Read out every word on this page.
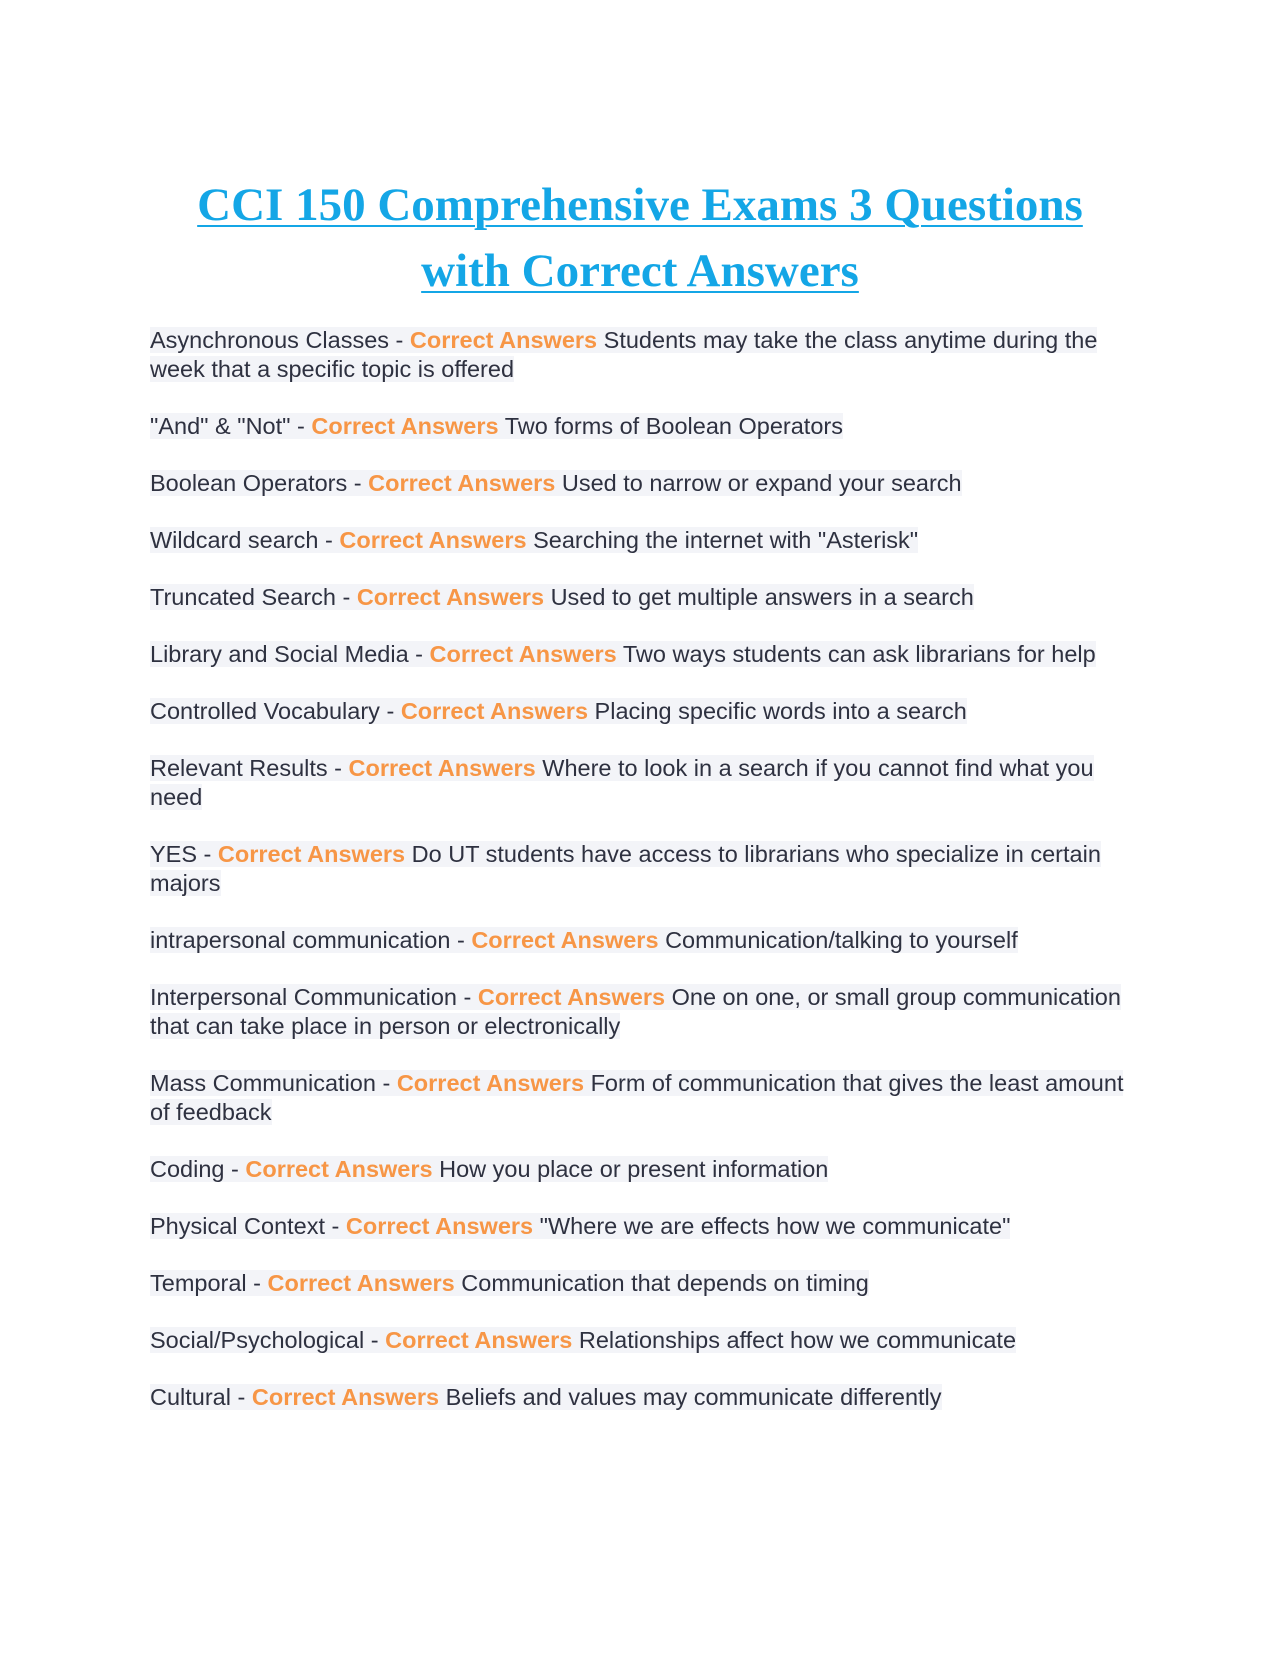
CCI 150 Comprehensive Exams 3 Questions with Correct Answers
Asynchronous Classes - Correct Answers Students may take the class anytime during the week that a specific topic is offered
"And" & "Not" - Correct Answers Two forms of Boolean Operators
Boolean Operators - Correct Answers Used to narrow or expand your search
Wildcard search - Correct Answers Searching the internet with "Asterisk"
Truncated Search - Correct Answers Used to get multiple answers in a search
Library and Social Media - Correct Answers Two ways students can ask librarians for help
Controlled Vocabulary - Correct Answers Placing specific words into a search
Relevant Results - Correct Answers Where to look in a search if you cannot find what you need
YES - Correct Answers Do UT students have access to librarians who specialize in certain majors
intrapersonal communication - Correct Answers Communication/talking to yourself
Interpersonal Communication - Correct Answers One on one, or small group communication that can take place in person or electronically
Mass Communication - Correct Answers Form of communication that gives the least amount of feedback
Coding - Correct Answers How you place or present information
Physical Context - Correct Answers "Where we are effects how we communicate"
Temporal - Correct Answers Communication that depends on timing
Social/Psychological - Correct Answers Relationships affect how we communicate
Cultural - Correct Answers Beliefs and values may communicate differently
